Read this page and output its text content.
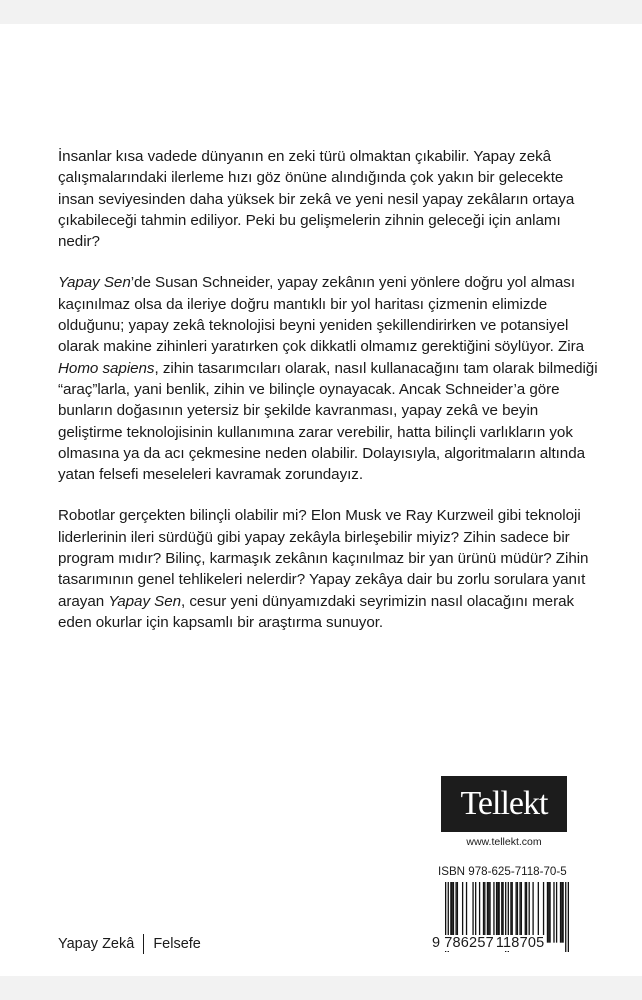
İnsanlar kısa vadede dünyanın en zeki türü olmaktan çıkabilir. Yapay zekâ çalışmalarındaki ilerleme hızı göz önüne alındığında çok yakın bir gelecekte insan seviyesinden daha yüksek bir zekâ ve yeni nesil yapay zekâların ortaya çıkabileceği tahmin ediliyor. Peki bu gelişmelerin zihnin geleceği için anlamı nedir?

Yapay Sen’de Susan Schneider, yapay zekânın yeni yönlere doğru yol alması kaçınılmaz olsa da ileriye doğru mantıklı bir yol haritası çizmenin elimizde olduğunu; yapay zekâ teknolojisi beyni yeniden şekillendirirken ve potansiyel olarak makine zihinleri yaratırken çok dikkatli olmamız gerektiğini söylüyor. Zira Homo sapiens, zihin tasarımcıları olarak, nasıl kullanacağını tam olarak bilmediği “araç”larla, yani benlik, zihin ve bilinçle oynayacak. Ancak Schneider’a göre bunların doğasının yetersiz bir şekilde kavranması, yapay zekâ ve beyin geliştirme teknolojisinin kullanımına zarar verebilir, hatta bilinçli varlıkların yok olmasına ya da acı çekmesine neden olabilir. Dolayısıyla, algoritmaların altında yatan felsefi meseleleri kavramak zorundayız.

Robotlar gerçekten bilinçli olabilir mi? Elon Musk ve Ray Kurzweil gibi teknoloji liderlerinin ileri sürdüğü gibi yapay zekâyla birleşebilir miyiz? Zihin sadece bir program mıdır? Bilinç, karmaşık zekânın kaçınılmaz bir yan ürünü müdür? Zihin tasarımının genel tehlikeleri nelerdir? Yapay zekâya dair bu zorlu sorulara yanıt arayan Yapay Sen, cesur yeni dünyamızdaki seyrimizin nasıl olacağını merak eden okurlar için kapsamlı bir araştırma sunuyor.

Tellekt
www.tellekt.com
ISBN 978-625-7118-70-5
9 786257 118705
Yapay Zekâ Felsefe
